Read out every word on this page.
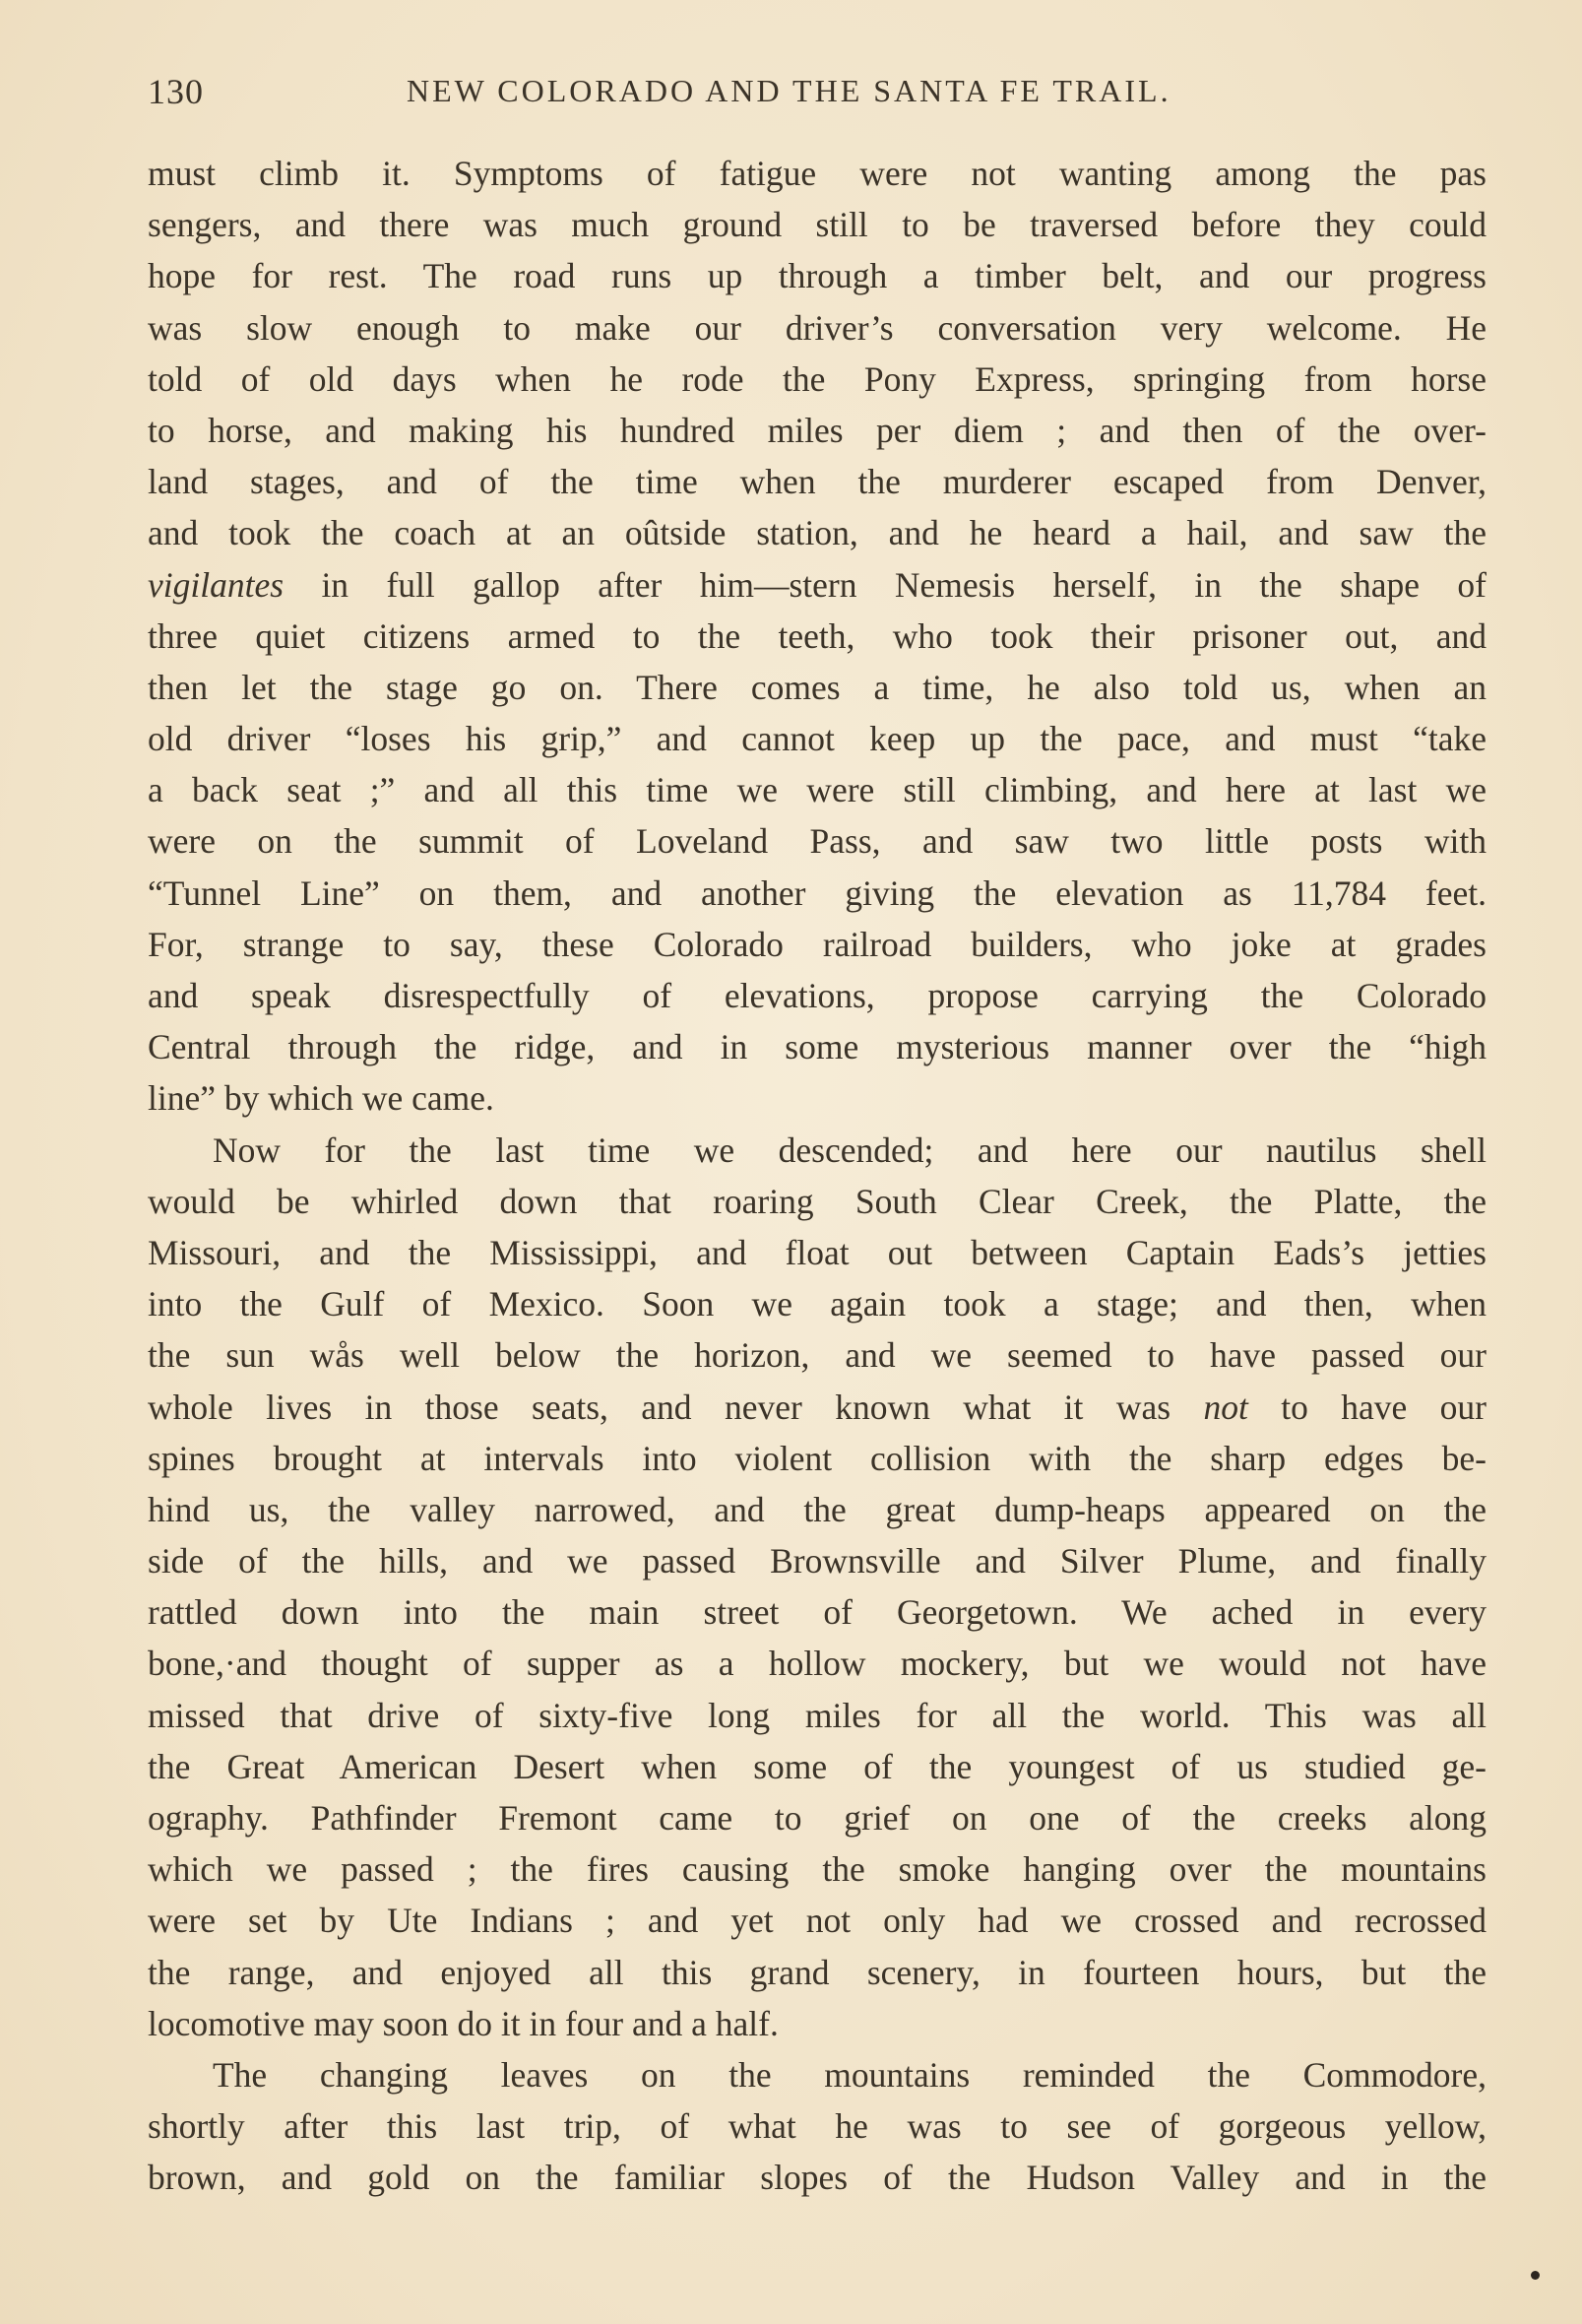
130	NEW COLORADO AND THE SANTA FE TRAIL.
must climb it. Symptoms of fatigue were not wanting among the pas
sengers, and there was much ground still to be traversed before they could
hope for rest. The road runs up through a timber belt, and our progress
was slow enough to make our driver’s conversation very welcome. He
told of old days when he rode the Pony Express, springing from horse
to horse, and making his hundred miles per diem ; and then of the over-
land stages, and of the time when the murderer escaped from Denver,
and took the coach at an oûtside station, and he heard a hail, and saw the
vigilantes in full gallop after him—stern Nemesis herself, in the shape of
three quiet citizens armed to the teeth, who took their prisoner out, and
then let the stage go on. There comes a time, he also told us, when an
old driver “loses his grip,” and cannot keep up the pace, and must “take
a back seat ;” and all this time we were still climbing, and here at last we
were on the summit of Loveland Pass, and saw two little posts with
“Tunnel Line” on them, and another giving the elevation as 11,784 feet.
For, strange to say, these Colorado railroad builders, who joke at grades
and speak disrespectfully of elevations, propose carrying the Colorado
Central through the ridge, and in some mysterious manner over the “high
line” by which we came.
Now for the last time we descended; and here our nautilus shell
would be whirled down that roaring South Clear Creek, the Platte, the
Missouri, and the Mississippi, and float out between Captain Eads’s jetties
into the Gulf of Mexico. Soon we again took a stage; and then, when
the sun wås well below the horizon, and we seemed to have passed our
whole lives in those seats, and never known what it was not to have our
spines brought at intervals into violent collision with the sharp edges be-
hind us, the valley narrowed, and the great dump-heaps appeared on the
side of the hills, and we passed Brownsville and Silver Plume, and finally
rattled down into the main street of Georgetown. We ached in every
bone,·and thought of supper as a hollow mockery, but we would not have
missed that drive of sixty-five long miles for all the world. This was all
the Great American Desert when some of the youngest of us studied ge-
ography. Pathfinder Fremont came to grief on one of the creeks along
which we passed ; the fires causing the smoke hanging over the mountains
were set by Ute Indians ; and yet not only had we crossed and recrossed
the range, and enjoyed all this grand scenery, in fourteen hours, but the
locomotive may soon do it in four and a half.
The changing leaves on the mountains reminded the Commodore,
shortly after this last trip, of what he was to see of gorgeous yellow,
brown, and gold on the familiar slopes of the Hudson Valley and in the
